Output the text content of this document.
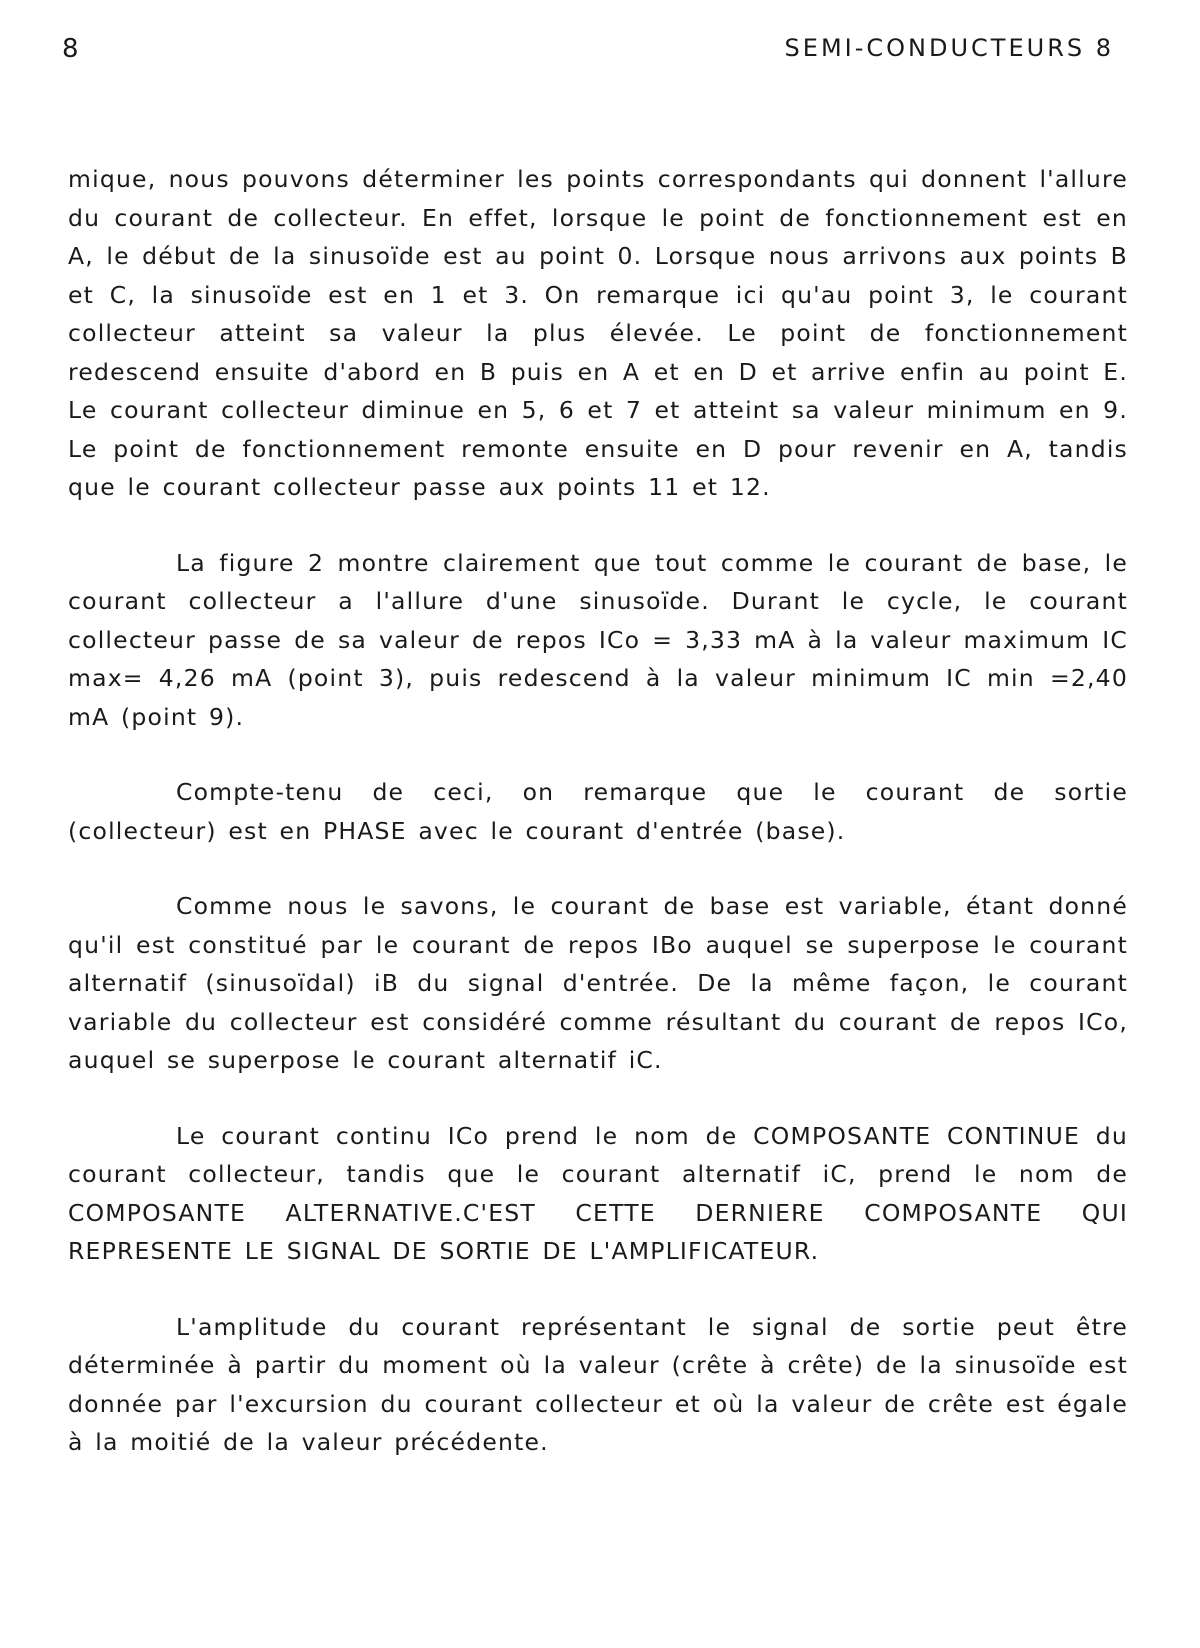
8	SEMI-CONDUCTEURS 8

mique, nous pouvons déterminer les points correspondants qui donnent l'allure du courant de collecteur. En effet, lorsque le point de fonctionnement est en A, le début de la sinusoïde est au point 0. Lorsque nous arrivons aux points B et C, la sinusoïde est en 1 et 3. On remarque ici qu'au point 3, le courant collecteur atteint sa valeur la plus élevée. Le point de fonctionnement redescend ensuite d'abord en B puis en A et en D et arrive enfin au point E. Le courant collecteur diminue en 5, 6 et 7 et atteint sa valeur minimum en 9. Le point de fonctionnement remonte ensuite en D pour revenir en A, tandis que le courant collecteur passe aux points 11 et 12.

La figure 2 montre clairement que tout comme le courant de base, le courant collecteur a l'allure d'une sinusoïde. Durant le cycle, le courant collecteur passe de sa valeur de repos ICo = 3,33 mA à la valeur maximum IC max= 4,26 mA (point 3), puis redescend à la valeur minimum IC min =2,40 mA (point 9).

Compte-tenu de ceci, on remarque que le courant de sortie (collecteur) est en PHASE avec le courant d'entrée (base).

Comme nous le savons, le courant de base est variable, étant donné qu'il est constitué par le courant de repos IBo auquel se superpose le courant alternatif (sinusoïdal) iB du signal d'entrée. De la même façon, le courant variable du collecteur est considéré comme résultant du courant de repos ICo, auquel se superpose le courant alternatif iC.

Le courant continu ICo prend le nom de COMPOSANTE CONTINUE du courant collecteur, tandis que le courant alternatif iC, prend le nom de COMPOSANTE ALTERNATIVE.C'EST CETTE DERNIERE COMPOSANTE QUI REPRESENTE LE SIGNAL DE SORTIE DE L'AMPLIFICATEUR.

L'amplitude du courant représentant le signal de sortie peut être déterminée à partir du moment où la valeur (crête à crête) de la sinusoïde est donnée par l'excursion du courant collecteur et où la valeur de crête est égale à la moitié de la valeur précédente.
